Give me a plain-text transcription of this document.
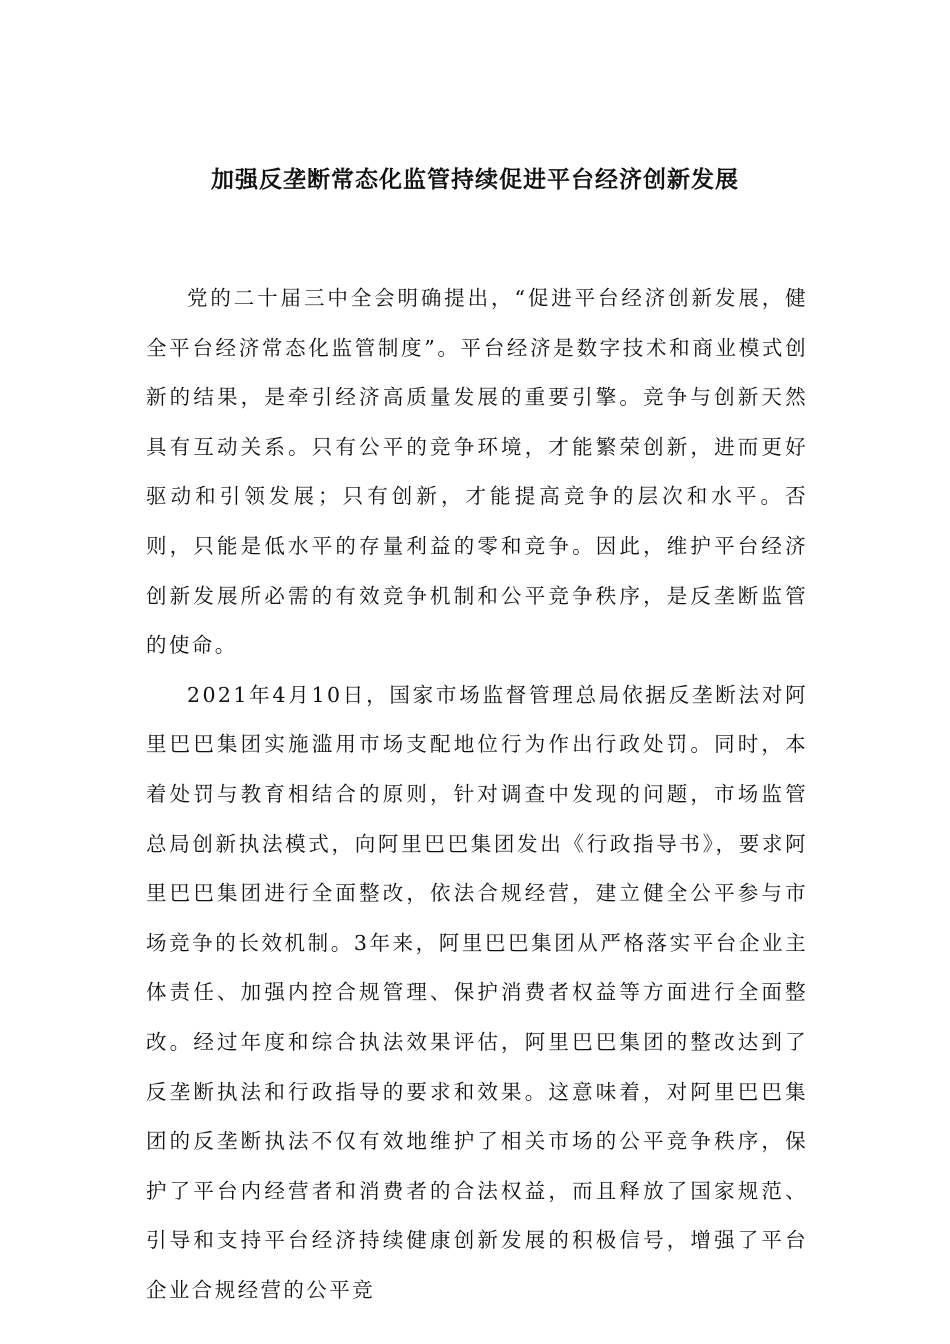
加强反垄断常态化监管持续促进平台经济创新发展

党的二十届三中全会明确提出，“促进平台经济创新发展，健全平台经济常态化监管制度”。平台经济是数字技术和商业模式创新的结果，是牵引经济高质量发展的重要引擎。竞争与创新天然具有互动关系。只有公平的竞争环境，才能繁荣创新，进而更好驱动和引领发展；只有创新，才能提高竞争的层次和水平。否则，只能是低水平的存量利益的零和竞争。因此，维护平台经济创新发展所必需的有效竞争机制和公平竞争秩序，是反垄断监管的使命。

2021年4月10日，国家市场监督管理总局依据反垄断法对阿里巴巴集团实施滥用市场支配地位行为作出行政处罚。同时，本着处罚与教育相结合的原则，针对调查中发现的问题，市场监管总局创新执法模式，向阿里巴巴集团发出《行政指导书》，要求阿里巴巴集团进行全面整改，依法合规经营，建立健全公平参与市场竞争的长效机制。3年来，阿里巴巴集团从严格落实平台企业主体责任、加强内控合规管理、保护消费者权益等方面进行全面整改。经过年度和综合执法效果评估，阿里巴巴集团的整改达到了反垄断执法和行政指导的要求和效果。这意味着，对阿里巴巴集团的反垄断执法不仅有效地维护了相关市场的公平竞争秩序，保护了平台内经营者和消费者的合法权益，而且释放了国家规范、引导和支持平台经济持续健康创新发展的积极信号，增强了平台企业合规经营的公平竞
